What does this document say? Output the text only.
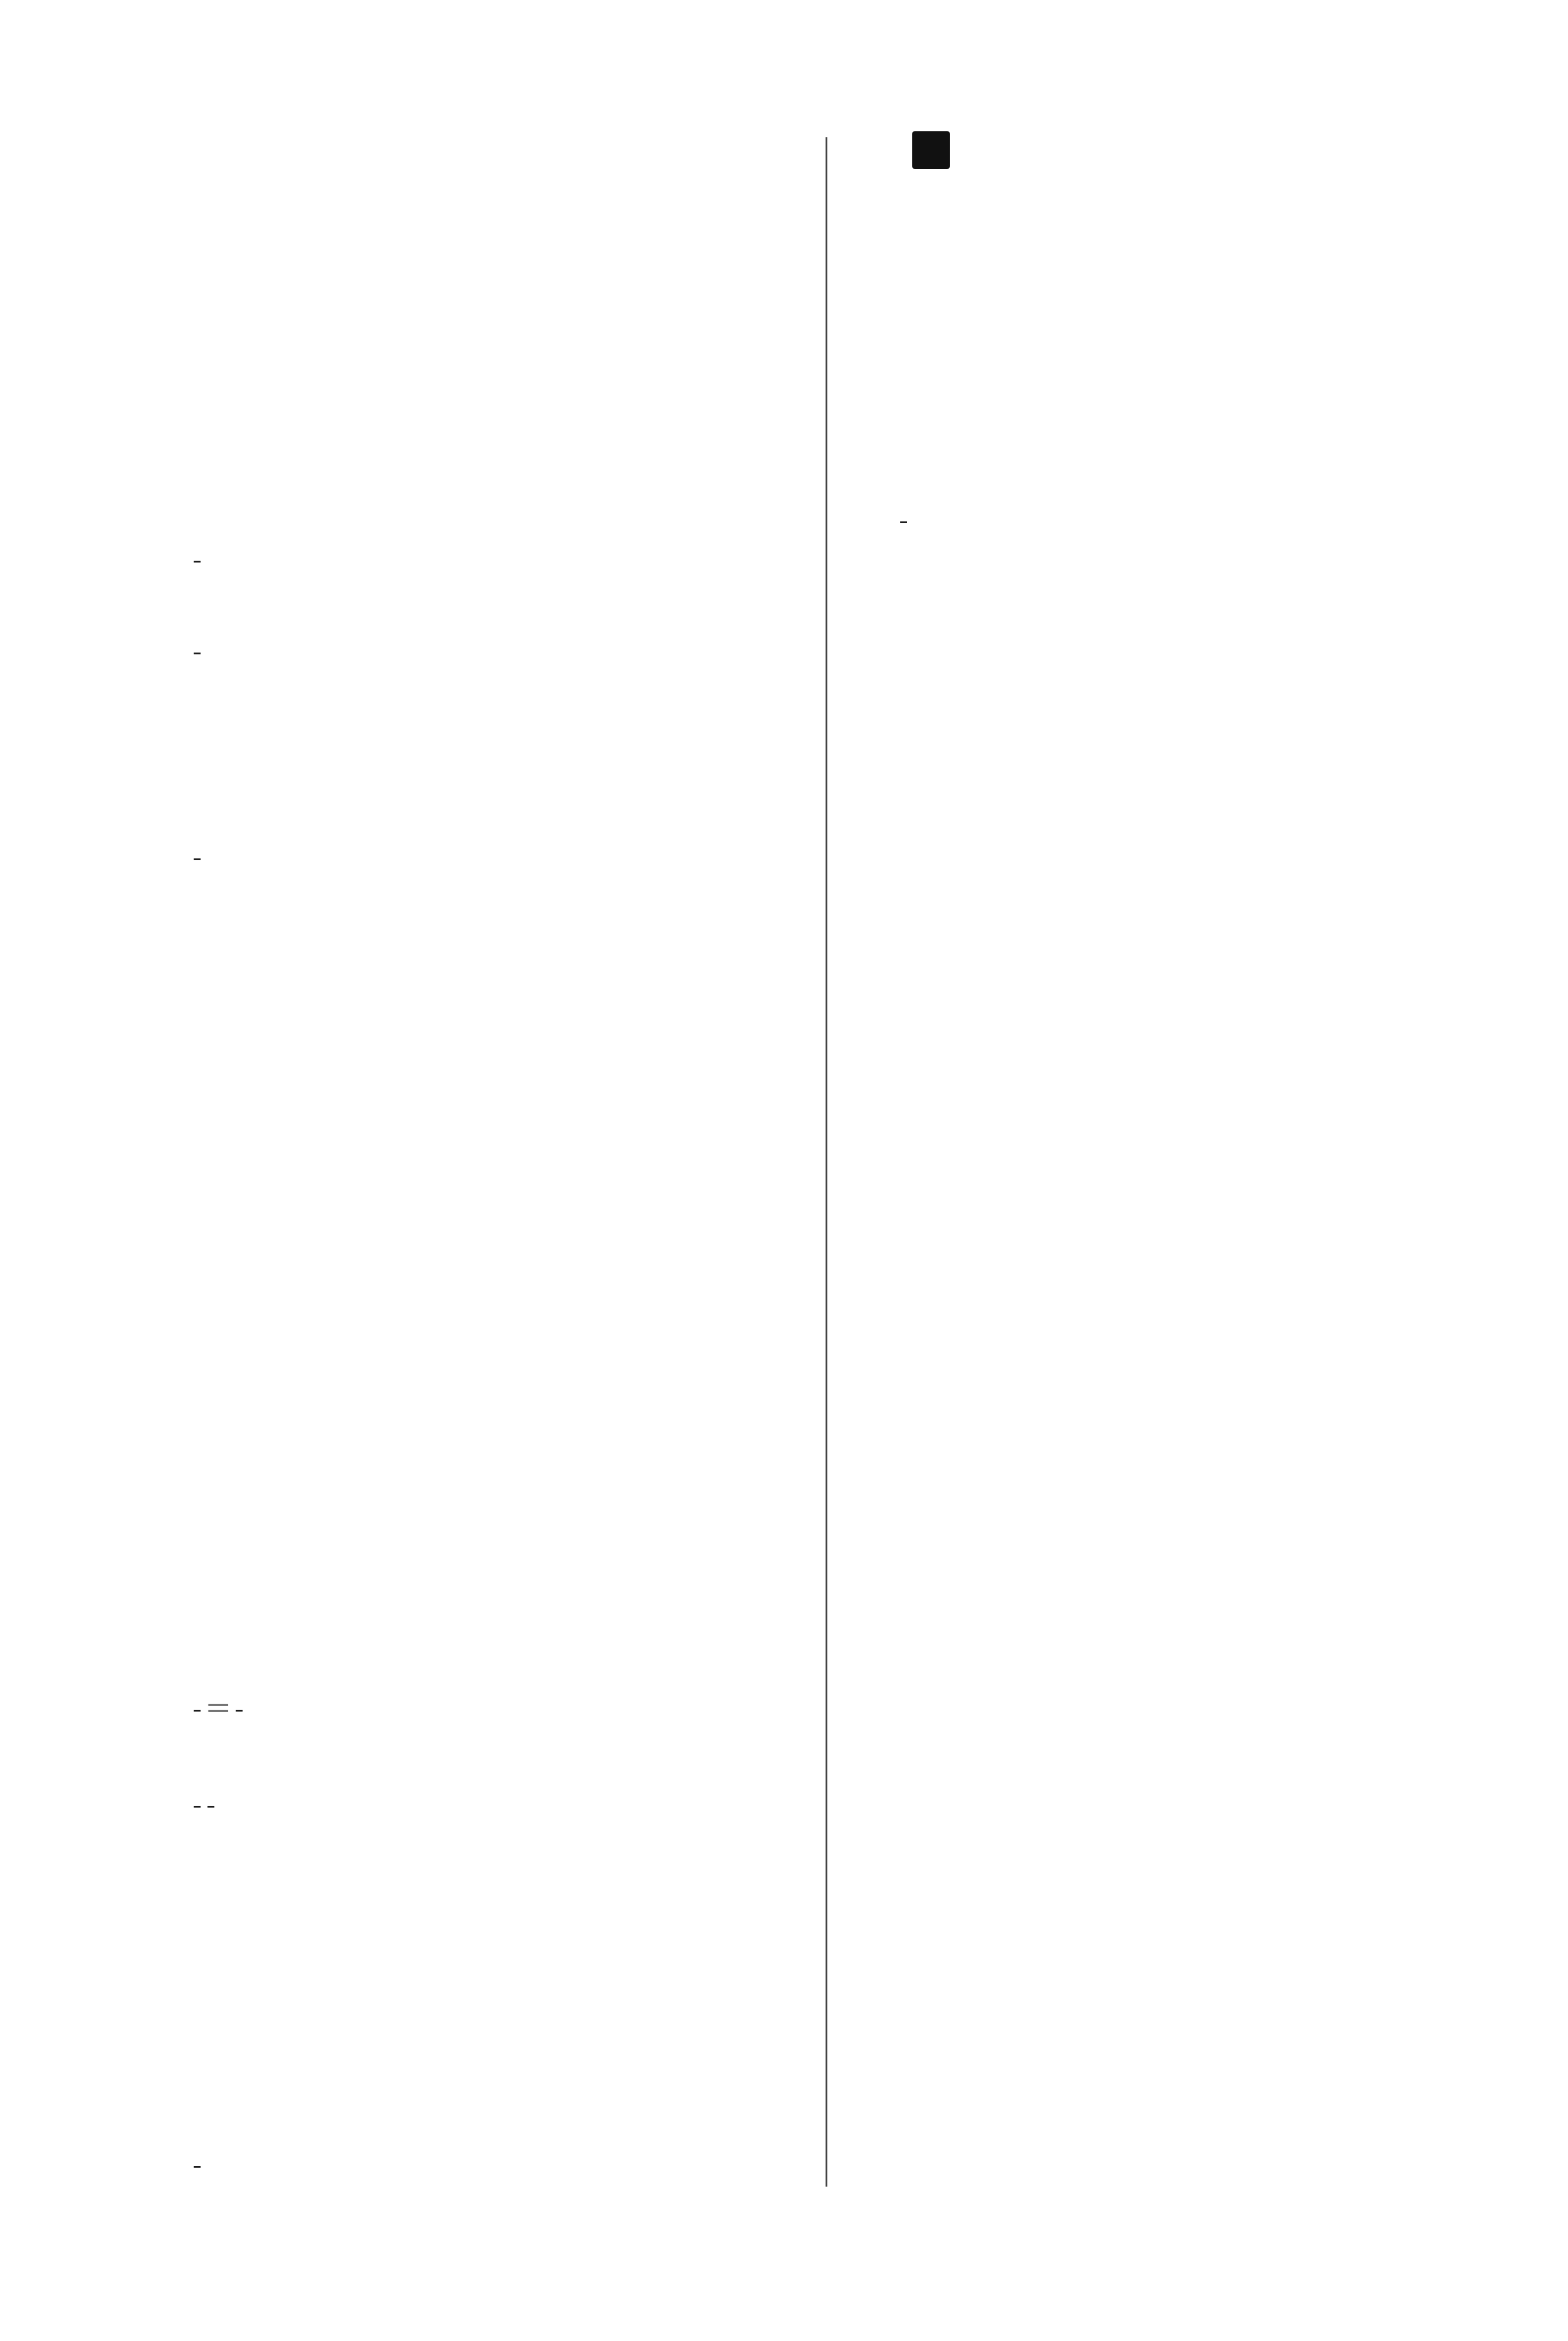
＝
